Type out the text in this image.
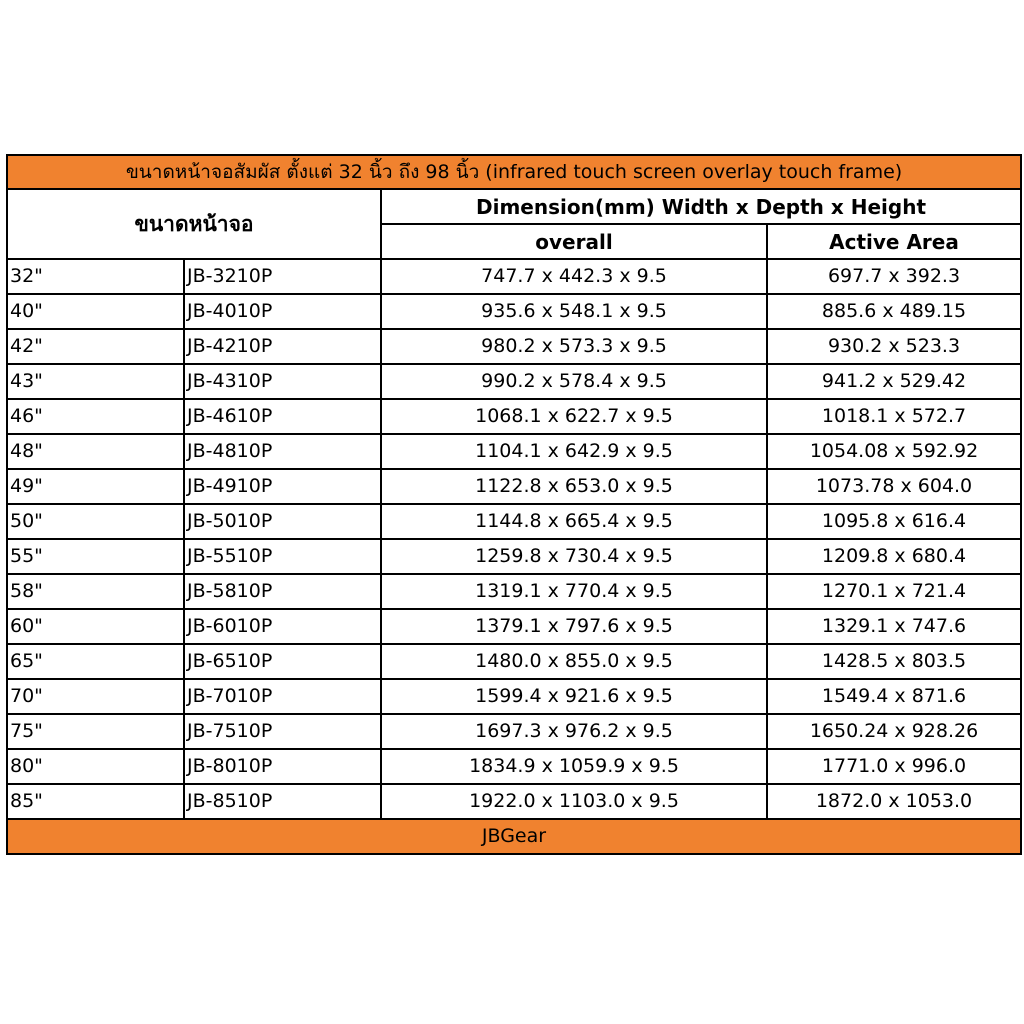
ขนาดหน้าจอสัมผัส ตั้งแต่ 32 นิ้ว ถึง 98 นิ้ว (infrared touch screen overlay touch frame)			
ขนาดหน้าจอ		Dimension(mm) Width x Depth x Height	
		overall	Active Area
32"	JB-3210P	747.7 x 442.3 x 9.5	697.7 x 392.3
40"	JB-4010P	935.6 x 548.1 x 9.5	885.6 x 489.15
42"	JB-4210P	980.2 x 573.3 x 9.5	930.2 x 523.3
43"	JB-4310P	990.2 x 578.4 x 9.5	941.2 x 529.42
46"	JB-4610P	1068.1 x 622.7 x 9.5	1018.1 x 572.7
48"	JB-4810P	1104.1 x 642.9 x 9.5	1054.08 x 592.92
49"	JB-4910P	1122.8 x 653.0 x 9.5	1073.78 x 604.0
50"	JB-5010P	1144.8 x 665.4 x 9.5	1095.8 x 616.4
55"	JB-5510P	1259.8 x 730.4 x 9.5	1209.8 x 680.4
58"	JB-5810P	1319.1 x 770.4 x 9.5	1270.1 x 721.4
60"	JB-6010P	1379.1 x 797.6 x 9.5	1329.1 x 747.6
65"	JB-6510P	1480.0 x 855.0 x 9.5	1428.5 x 803.5
70"	JB-7010P	1599.4 x 921.6 x 9.5	1549.4 x 871.6
75"	JB-7510P	1697.3 x 976.2 x 9.5	1650.24 x 928.26
80"	JB-8010P	1834.9 x 1059.9 x 9.5	1771.0 x 996.0
85"	JB-8510P	1922.0 x 1103.0 x 9.5	1872.0 x 1053.0
JBGear			
